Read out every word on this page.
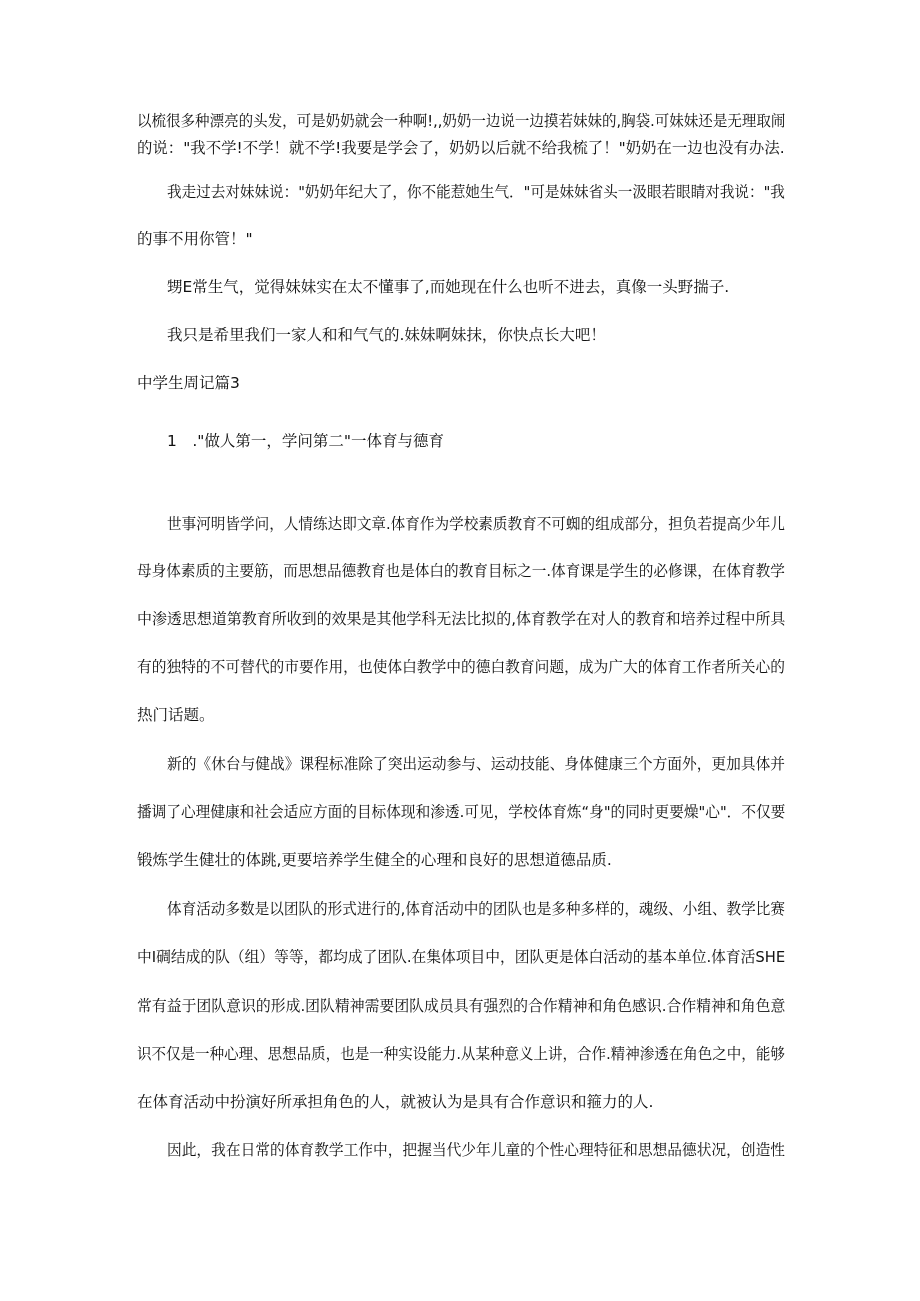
以梳很多种漂亮的头发，可是奶奶就会一种啊!,,奶奶一边说一边摸若妹妹的,胸袋.可妹妹还是无理取闹
的说："我不学!不学！就不学!我要是学会了，奶奶以后就不给我梳了！"奶奶在一边也没有办法.
我走过去对妹妹说："奶奶年纪大了，你不能惹她生气．"可是妹妹省头一汲眼若眼睛对我说："我
的事不用你管！"
甥E常生气，觉得妹妹实在太不懂事了,而她现在什么也听不进去，真像一头野揣子.
我只是希里我们一家人和和气气的.妹妹啊妹抹，你快点长大吧！
中学生周记篇3
1　."做人第一，学问第二"一体育与德育
世事河明皆学问，人情练达即文章.体育作为学校素质教育不可蜘的组成部分，担负若提高少年儿
母身体素质的主要筋，而思想品德教育也是体白的教育目标之一.体育课是学生的必修课，在体育教学
中渗透思想道第教育所收到的效果是其他学科无法比拟的,体育教学在对人的教育和培养过程中所具
有的独特的不可替代的市要作用，也使体白教学中的德白教育问题，成为广大的体育工作者所关心的
热门话题。
新的《休台与健战》课程标准除了突出运动参与、运动技能、身体健康三个方面外，更加具体并
播调了心理健康和社会适应方面的目标体现和渗透.可见，学校体育炼“身"的同时更要燥"心"．不仅要
锻炼学生健壮的体跳,更要培养学生健全的心理和良好的思想道德品质.
体育活动多数是以团队的形式进行的,体育活动中的团队也是多种多样的，魂级、小组、教学比赛
中I碉结成的队（组）等等，都均成了团队.在集体项目中，团队更是体白活动的基本单位.体育活SHE
常有益于团队意识的形成.团队精神需要团队成员具有强烈的合作精神和角色感识.合作精神和角色意
识不仅是一种心理、思想品质，也是一种实设能力.从某种意义上讲，合作.精神渗透在角色之中，能够
在体育活动中扮演好所承担角色的人，就被认为是具有合作意识和箍力的人.
因此，我在日常的体育教学工作中，把握当代少年儿童的个性心理特征和思想品德状况，创造性
